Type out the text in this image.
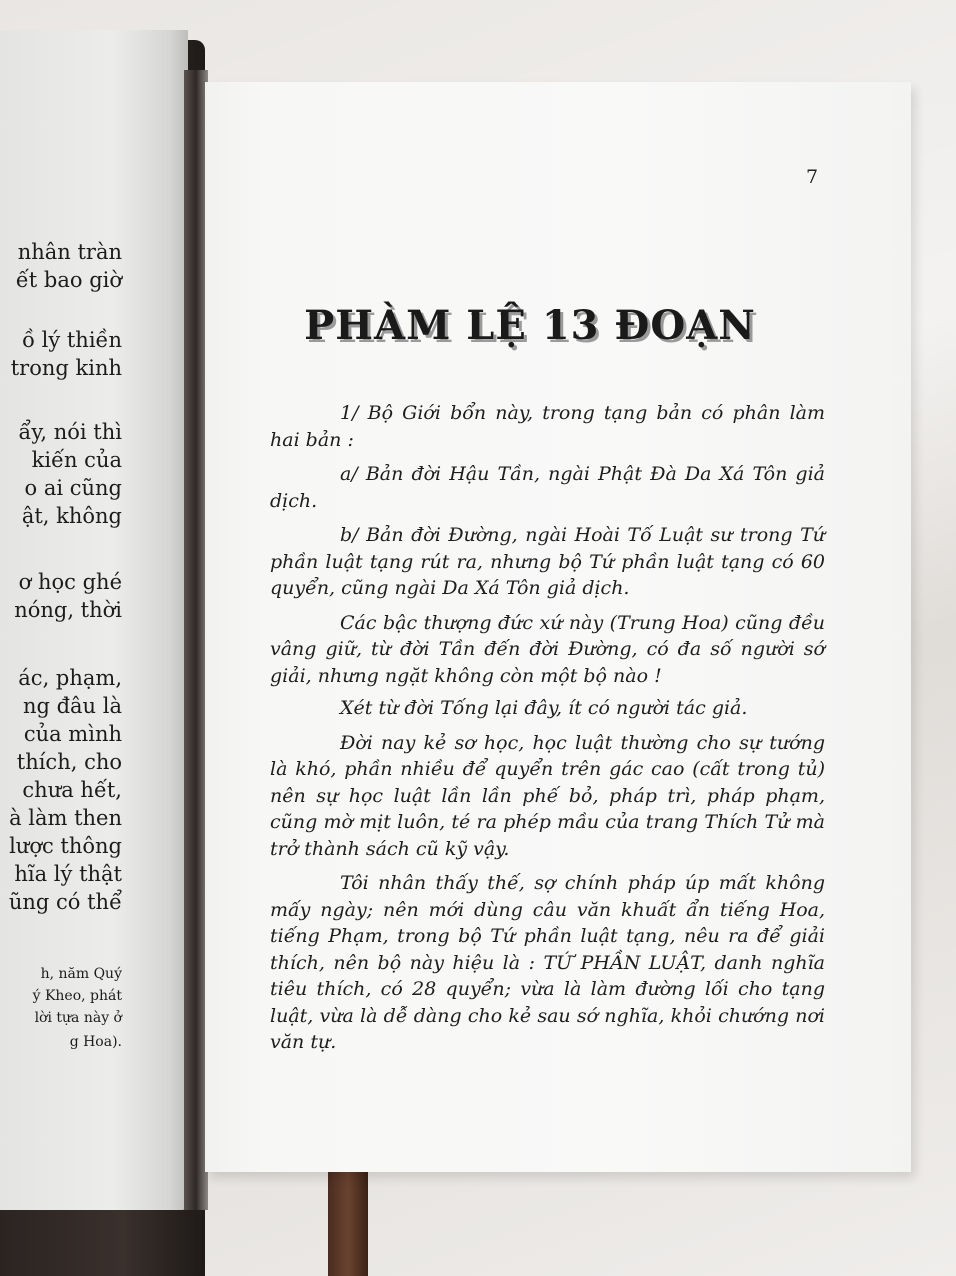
nhân tràn
ết bao giờ
ồ lý thiền
trong kinh
ẩy, nói thì
kiến của
o ai cũng
ật, không
ơ học ghé
nóng, thời
ác, phạm,
ng đâu là
của mình
thích, cho
chưa hết,
à làm then
lược thông
hĩa lý thật
ũng có thể
h, năm Quý
ý Kheo, phát
lời tựa này ở
g Hoa).
7
PHÀM LỆ 13 ĐOẠN

1/ Bộ Giới bổn này, trong tạng bản có phân làm hai bản :

a/ Bản đời Hậu Tần, ngài Phật Đà Da Xá Tôn giả dịch.

b/ Bản đời Đường, ngài Hoài Tố Luật sư trong Tứ phần luật tạng rút ra, nhưng bộ Tứ phần luật tạng có 60 quyển, cũng ngài Da Xá Tôn giả dịch.

Các bậc thượng đức xứ này (Trung Hoa) cũng đều vâng giữ, từ đời Tần đến đời Đường, có đa số người sớ giải, nhưng ngặt không còn một bộ nào !

Xét từ đời Tống lại đây, ít có người tác giả.

Đời nay kẻ sơ học, học luật thường cho sự tướng là khó, phần nhiều để quyển trên gác cao (cất trong tủ) nên sự học luật lần lần phế bỏ, pháp trì, pháp phạm, cũng mờ mịt luôn, té ra phép mầu của trang Thích Tử mà trở thành sách cũ kỹ vậy.

Tôi nhân thấy thế, sợ chính pháp úp mất không mấy ngày; nên mới dùng câu văn khuất ẩn tiếng Hoa, tiếng Phạm, trong bộ Tứ phần luật tạng, nêu ra để giải thích, nên bộ này hiệu là : TỨ PHẦN LUẬT, danh nghĩa tiêu thích, có 28 quyển; vừa là làm đường lối cho tạng luật, vừa là dễ dàng cho kẻ sau sớ nghĩa, khỏi chướng nơi văn tự.
